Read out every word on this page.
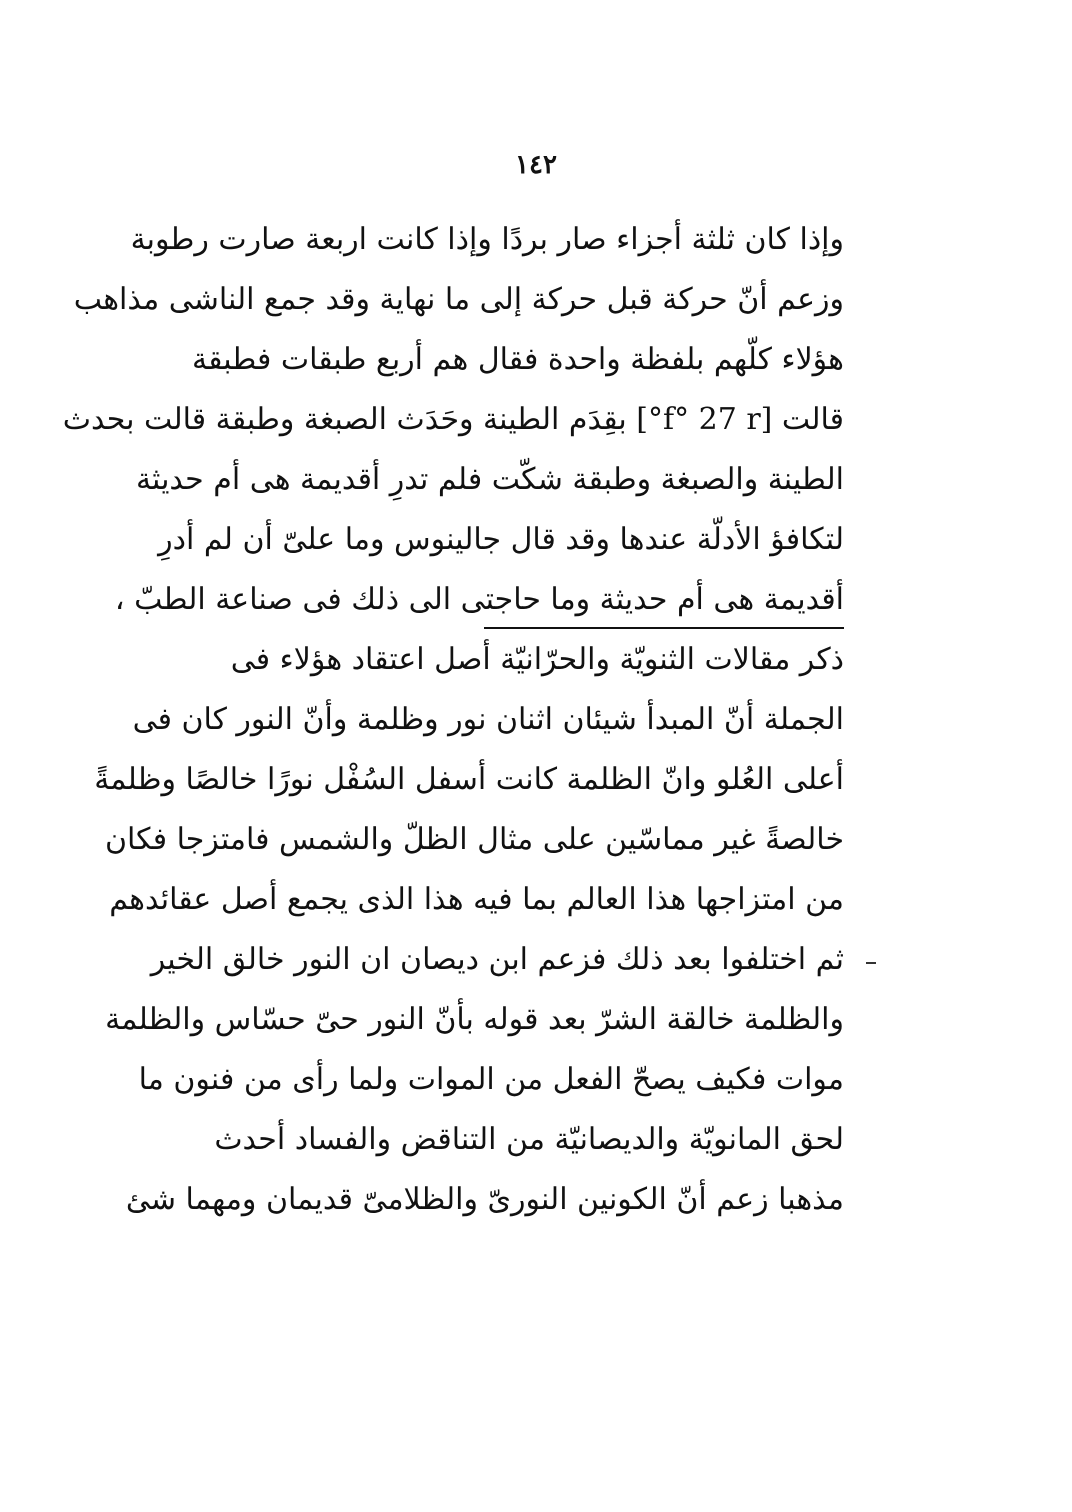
١٤٢
وإذا كان ثلثة أجزاء صار بردًا وإذا كانت اربعة صارت رطوبة
وزعم أنّ حركة قبل حركة إلى ما نهاية وقد جمع الناشى مذاهب
هؤلاء كلّهم بلفظة واحدة فقال هم أربع طبقات فطبقة
قالت [f° 27 r°] بقِدَم الطينة وحَدَث الصبغة وطبقة قالت بحدث
الطينة والصبغة وطبقة شكّت فلم تدرِ أقديمة هى أم حديثة
لتكافؤ الأدلّة عندها وقد قال جالينوس وما علىّ أن لم أدرِ
أقديمة هى أم حديثة وما حاجتى الى ذلك فى صناعة الطبّ ،
ذكر مقالات الثنويّة والحرّانيّة أصل اعتقاد هؤلاء فى
الجملة أنّ المبدأ شيئان اثنان نور وظلمة وأنّ النور كان فى
أعلى العُلو وانّ الظلمة كانت أسفل السُفْل نورًا خالصًا وظلمةً
خالصةً غير مماسّين على مثال الظلّ والشمس فامتزجا فكان
من امتزاجها هذا العالم بما فيه هذا الذى يجمع أصل عقائدهم
ثم اختلفوا بعد ذلك فزعم ابن ديصان ان النور خالق الخير
والظلمة خالقة الشرّ بعد قوله بأنّ النور حىّ حسّاس والظلمة
موات فكيف يصحّ الفعل من الموات ولما رأى من فنون ما
لحق المانويّة والديصانيّة من التناقض والفساد أحدث
مذهبا زعم أنّ الكونين النورىّ والظلامىّ قديمان ومهما شئ
